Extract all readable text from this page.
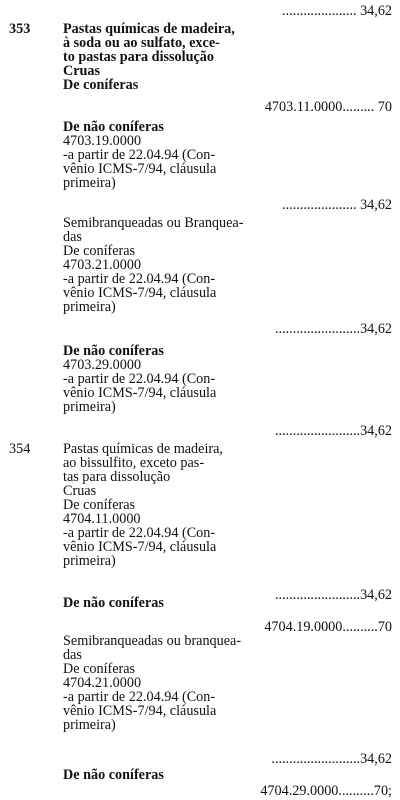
..................... 34,62
353 Pastas químicas de madeira,
à soda ou ao sulfato, exce-
to pastas para dissolução
Cruas
De coníferas
4703.11.0000......... 70
De não coníferas
4703.19.0000
-a partir de 22.04.94 (Con-
vênio ICMS-7/94, cláusula
primeira)
..................... 34,62
Semibranqueadas ou Branquea-
das
De coníferas
4703.21.0000
-a partir de 22.04.94 (Con-
vênio ICMS-7/94, cláusula
primeira)
........................34,62
De não coníferas
4703.29.0000
-a partir de 22.04.94 (Con-
vênio ICMS-7/94, cláusula
primeira)
........................34,62
354 Pastas químicas de madeira,
ao bissulfito, exceto pas-
tas para dissolução
Cruas
De coníferas
4704.11.0000
-a partir de 22.04.94 (Con-
vênio ICMS-7/94, cláusula
primeira)
De não coníferas	........................34,62
4704.19.0000..........70
Semibranqueadas ou branquea-
das
De coníferas
4704.21.0000
-a partir de 22.04.94 (Con-
vênio ICMS-7/94, cláusula
primeira)
.........................34,62
De não coníferas
4704.29.0000..........70;
